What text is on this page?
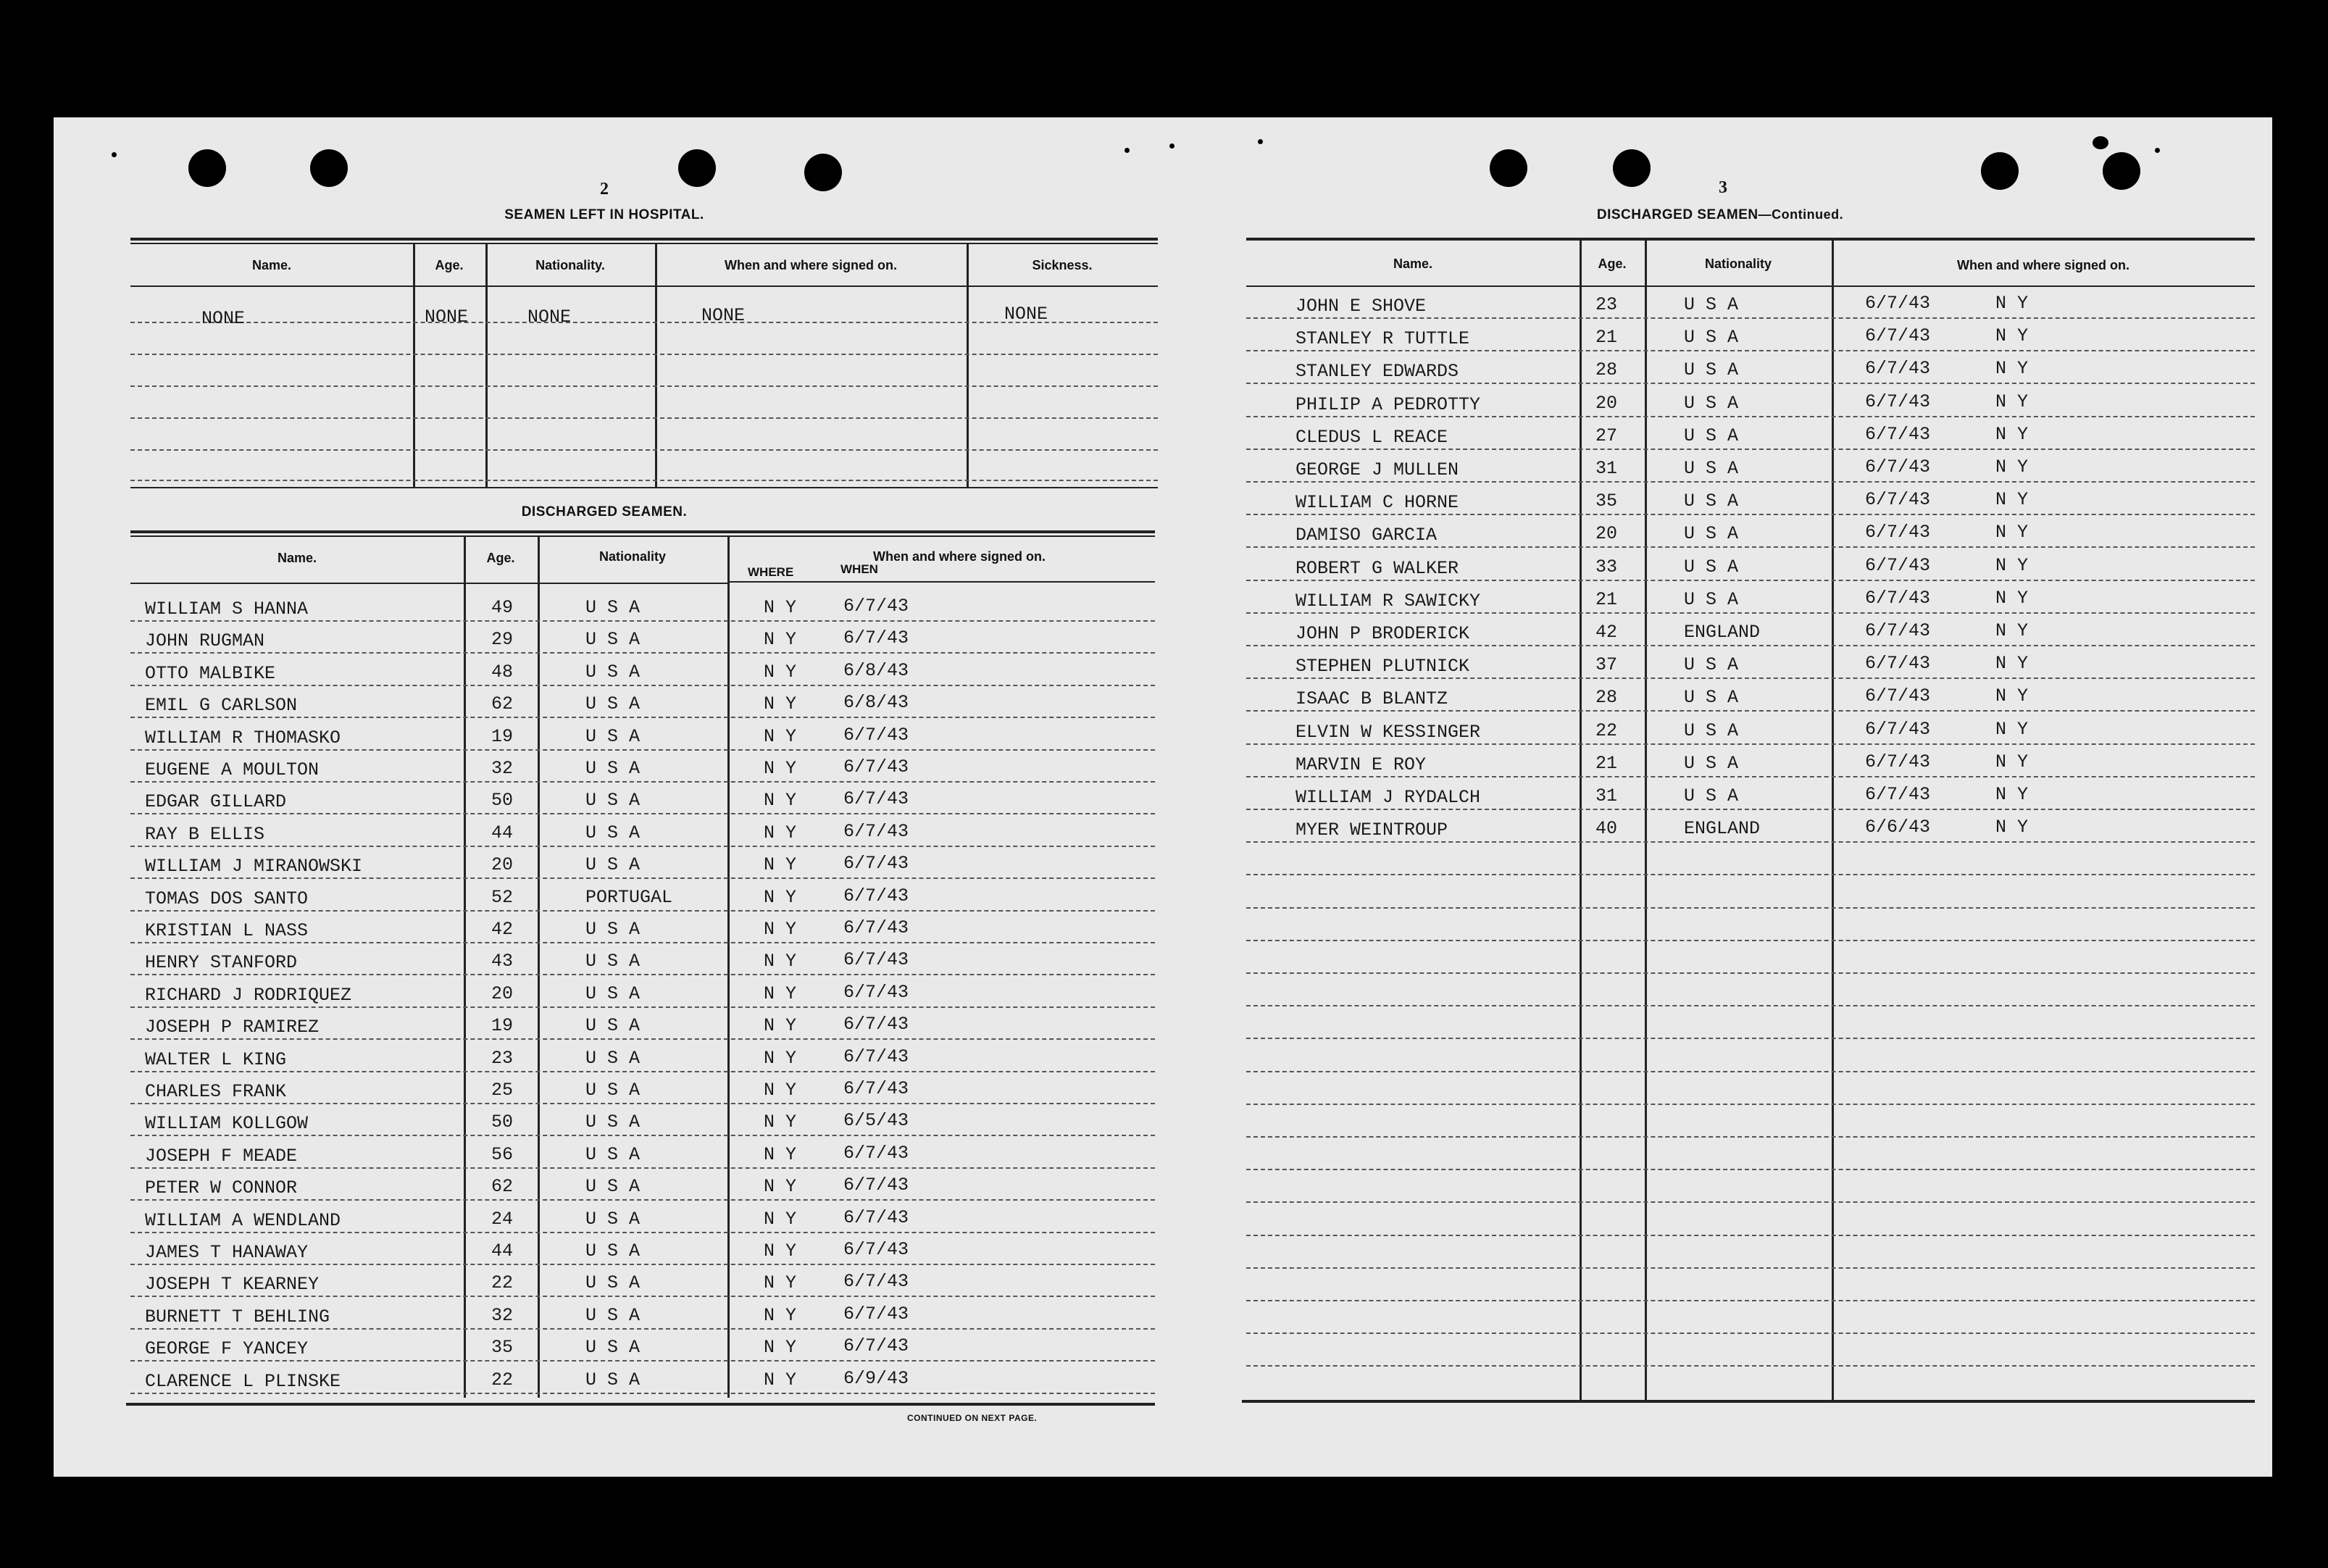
2
SEAMEN LEFT IN HOSPITAL.
Name.	Age.	Nationality.	When and where signed on.	Sickness.
NONE	NONE	NONE	NONE	NONE
DISCHARGED SEAMEN.
Name.	Age.	Nationality	When and where signed on.
WHERE	WHEN
WILLIAM S HANNA	49	U S A	N Y	6/7/43
JOHN RUGMAN	29	U S A	N Y	6/7/43
OTTO MALBIKE	48	U S A	N Y	6/8/43
EMIL G CARLSON	62	U S A	N Y	6/8/43
WILLIAM R THOMASKO	19	U S A	N Y	6/7/43
EUGENE A MOULTON	32	U S A	N Y	6/7/43
EDGAR GILLARD	50	U S A	N Y	6/7/43
RAY B ELLIS	44	U S A	N Y	6/7/43
WILLIAM J MIRANOWSKI	20	U S A	N Y	6/7/43
TOMAS DOS SANTO	52	PORTUGAL	N Y	6/7/43
KRISTIAN L NASS	42	U S A	N Y	6/7/43
HENRY STANFORD	43	U S A	N Y	6/7/43
RICHARD J RODRIQUEZ	20	U S A	N Y	6/7/43
JOSEPH P RAMIREZ	19	U S A	N Y	6/7/43
WALTER L KING	23	U S A	N Y	6/7/43
CHARLES FRANK	25	U S A	N Y	6/7/43
WILLIAM KOLLGOW	50	U S A	N Y	6/5/43
JOSEPH F MEADE	56	U S A	N Y	6/7/43
PETER W CONNOR	62	U S A	N Y	6/7/43
WILLIAM A WENDLAND	24	U S A	N Y	6/7/43
JAMES T HANAWAY	44	U S A	N Y	6/7/43
JOSEPH T KEARNEY	22	U S A	N Y	6/7/43
BURNETT T BEHLING	32	U S A	N Y	6/7/43
GEORGE F YANCEY	35	U S A	N Y	6/7/43
CLARENCE L PLINSKE	22	U S A	N Y	6/9/43
CONTINUED ON NEXT PAGE.
3
DISCHARGED SEAMEN—Continued.
Name.	Age.	Nationality	When and where signed on.
JOHN E SHOVE	23	U S A	6/7/43	N Y
STANLEY R TUTTLE	21	U S A	6/7/43	N Y
STANLEY EDWARDS	28	U S A	6/7/43	N Y
PHILIP A PEDROTTY	20	U S A	6/7/43	N Y
CLEDUS L REACE	27	U S A	6/7/43	N Y
GEORGE J MULLEN	31	U S A	6/7/43	N Y
WILLIAM C HORNE	35	U S A	6/7/43	N Y
DAMISO GARCIA	20	U S A	6/7/43	N Y
ROBERT G WALKER	33	U S A	6/7/43	N Y
WILLIAM R SAWICKY	21	U S A	6/7/43	N Y
JOHN P BRODERICK	42	ENGLAND	6/7/43	N Y
STEPHEN PLUTNICK	37	U S A	6/7/43	N Y
ISAAC B BLANTZ	28	U S A	6/7/43	N Y
ELVIN W KESSINGER	22	U S A	6/7/43	N Y
MARVIN E ROY	21	U S A	6/7/43	N Y
WILLIAM J RYDALCH	31	U S A	6/7/43	N Y
MYER WEINTROUP	40	ENGLAND	6/6/43	N Y
